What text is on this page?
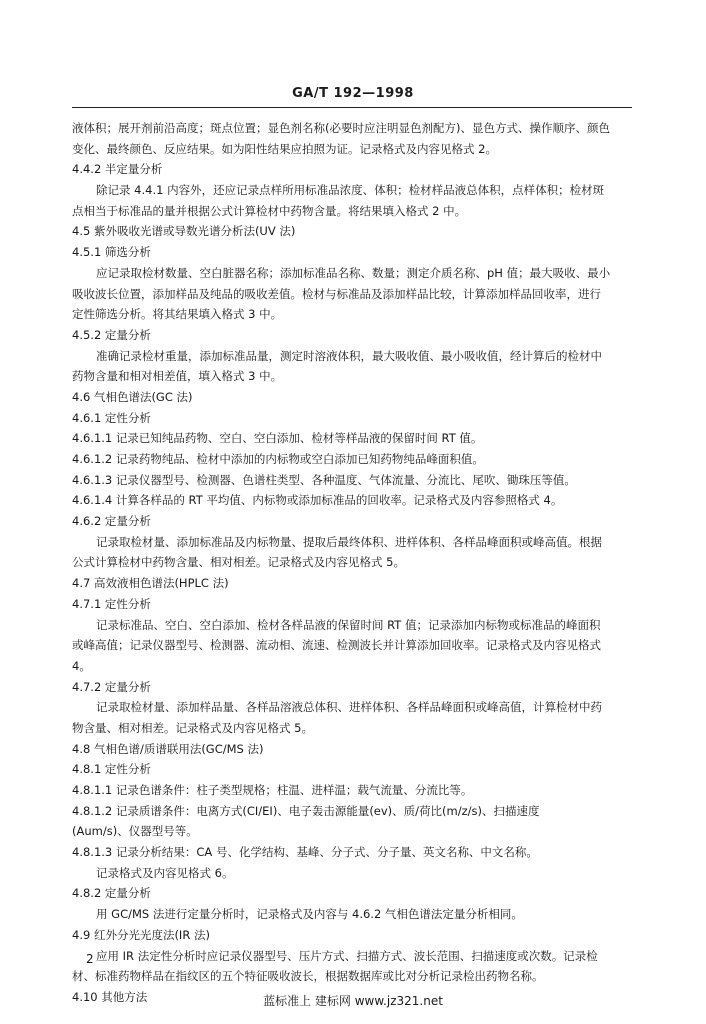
GA/T 192—1998
液体积；展开剂前沿高度；斑点位置；显色剂名称(必要时应注明显色剂配方)、显色方式、操作顺序、颜色
变化、最终颜色、反应结果。如为阳性结果应拍照为证。记录格式及内容见格式 2。
4.4.2 半定量分析
除记录 4.4.1 内容外，还应记录点样所用标准品浓度、体积；检材样品液总体积，点样体积；检材斑
点相当于标准品的量并根据公式计算检材中药物含量。将结果填入格式 2 中。
4.5 紫外吸收光谱或导数光谱分析法(UV 法)
4.5.1 筛选分析
应记录取检材数量、空白脏器名称；添加标准品名称、数量；测定介质名称、pH 值；最大吸收、最小
吸收波长位置，添加样品及纯品的吸收差值。检材与标准品及添加样品比较，计算添加样品回收率，进行
定性筛选分析。将其结果填入格式 3 中。
4.5.2 定量分析
准确记录检材重量，添加标准品量，测定时溶液体积，最大吸收值、最小吸收值，经计算后的检材中
药物含量和相对相差值，填入格式 3 中。
4.6 气相色谱法(GC 法)
4.6.1 定性分析
4.6.1.1 记录已知纯品药物、空白、空白添加、检材等样品液的保留时间 RT 值。
4.6.1.2 记录药物纯品、检材中添加的内标物或空白添加已知药物纯品峰面积值。
4.6.1.3 记录仪器型号、检测器、色谱柱类型、各种温度、气体流量、分流比、尾吹、锄珠压等值。
4.6.1.4 计算各样品的 RT 平均值、内标物或添加标准品的回收率。记录格式及内容参照格式 4。
4.6.2 定量分析
记录取检材量、添加标准品及内标物量、提取后最终体积、进样体积、各样品峰面积或峰高值。根据
公式计算检材中药物含量、相对相差。记录格式及内容见格式 5。
4.7 高效液相色谱法(HPLC 法)
4.7.1 定性分析
记录标准品、空白、空白添加、检材各样品液的保留时间 RT 值；记录添加内标物或标准品的峰面积
或峰高值；记录仪器型号、检测器、流动相、流速、检测波长并计算添加回收率。记录格式及内容见格式
4。
4.7.2 定量分析
记录取检材量、添加样品量、各样品溶液总体积、进样体积、各样品峰面积或峰高值，计算检材中药
物含量、相对相差。记录格式及内容见格式 5。
4.8 气相色谱/质谱联用法(GC/MS 法)
4.8.1 定性分析
4.8.1.1 记录色谱条件：柱子类型规格；柱温、进样温；载气流量、分流比等。
4.8.1.2 记录质谱条件：电离方式(CI/EI)、电子轰击源能量(ev)、质/荷比(m/z/s)、扫描速度
(Aum/s)、仪器型号等。
4.8.1.3 记录分析结果：CA 号、化学结构、基峰、分子式、分子量、英文名称、中文名称。
记录格式及内容见格式 6。
4.8.2 定量分析
用 GC/MS 法进行定量分析时，记录格式及内容与 4.6.2 气相色谱法定量分析相同。
4.9 红外分光光度法(IR 法)
应用 IR 法定性分析时应记录仪器型号、压片方式、扫描方式、波长范围、扫描速度或次数。记录检
材、标准药物样品在指纹区的五个特征吸收波长，根据数据库或比对分析记录检出药物名称。
4.10 其他方法
2
蓝标准上 建标网 www.jz321.net
